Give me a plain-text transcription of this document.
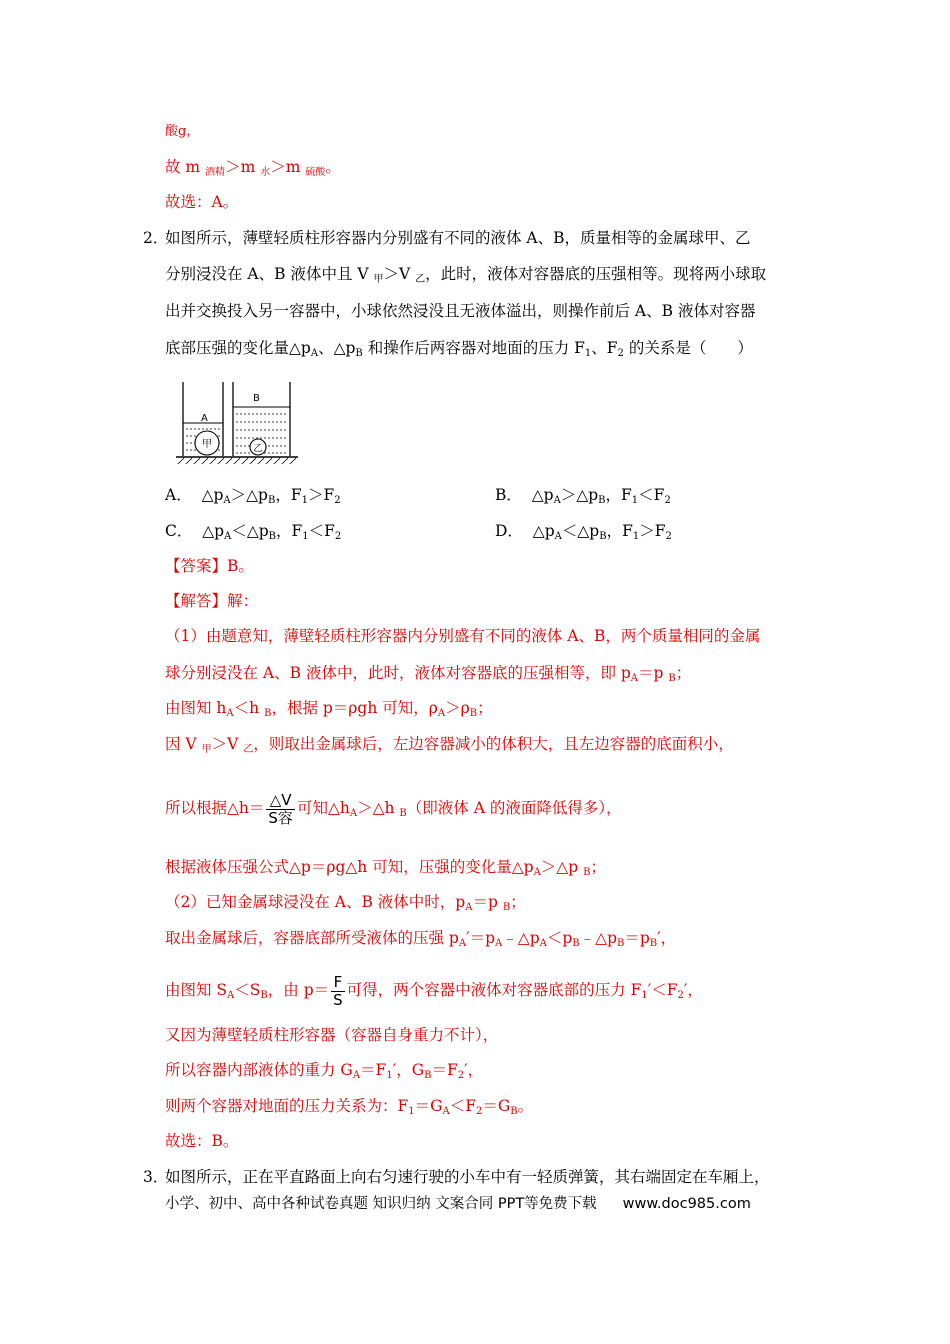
酸g，
故 m $_{酒精}$＞m $_水$＞m $_{硫酸}$。
故选：A。
2．
如图所示，薄壁轻质柱形容器内分别盛有不同的液体 A、B，质量相等的金属球甲、乙
分别浸没在 A、B 液体中且 V $_甲$＞V $_乙$，此时，液体对容器底的压强相等。现将两小球取
出并交换投入另一容器中，小球依然浸没且无液体溢出，则操作前后 A、B 液体对容器
底部压强的变化量$\triangle p_A$、$\triangle p_B$ 和操作后两容器对地面的压力 $F_1$、$F_2$ 的关系是（　　）
A
甲
B
乙
A． $\triangle p_A>\triangle p_B$，$F_1>F_2$	B． $\triangle p_A>\triangle p_B$，$F_1<F_2$
C． $\triangle p_A<\triangle p_B$，$F_1<F_2$	D． $\triangle p_A<\triangle p_B$，$F_1>F_2$
【答案】B。
【解答】解：
（1）由题意知，薄壁轻质柱形容器内分别盛有不同的液体 A、B，两个质量相同的金属
球分别浸没在 A、B 液体中，此时，液体对容器底的压强相等，即 $p_A=p$ $_B$；
由图知 $h_A<h$ $_B$，根据 p＝ρgh 可知，$\rho_A>\rho_B$；
因 V $_甲$＞V $_乙$，则取出金属球后，左边容器减小的体积大，且左边容器的底面积小，
所以根据△h＝ $\frac{\triangle V}{\text{S容}}$ 可知$\triangle h_A>\triangle h$ $_B$（即液体 A 的液面降低得多），
根据液体压强公式△p＝ρg△h 可知，压强的变化量$\triangle p_A>\triangle p$ $_B$；
（2）已知金属球浸没在 A、B 液体中时，$p_A=p$ $_B$；
取出金属球后，容器底部所受液体的压强 $p_A'=p_A﹣\triangle p_A<p_B﹣\triangle p_B=p_B'$，
由图知 $S_A<S_B$，由 $p= \frac{F}{S}$ 可得，两个容器中液体对容器底部的压力 $F_1'<F_2'$，
又因为薄壁轻质柱形容器（容器自身重力不计），
所以容器内部液体的重力 $G_A=F_1'$，$G_B=F_2'$，
则两个容器对地面的压力关系为：$F_1=G_A<F_2=G_B$。
故选：B。
3．
如图所示，正在平直路面上向右匀速行驶的小车中有一轻质弹簧，其右端固定在车厢上，
小学、初中、高中各种试卷真题 知识归纳 文案合同 PPT等免费下载 www.doc985.com
